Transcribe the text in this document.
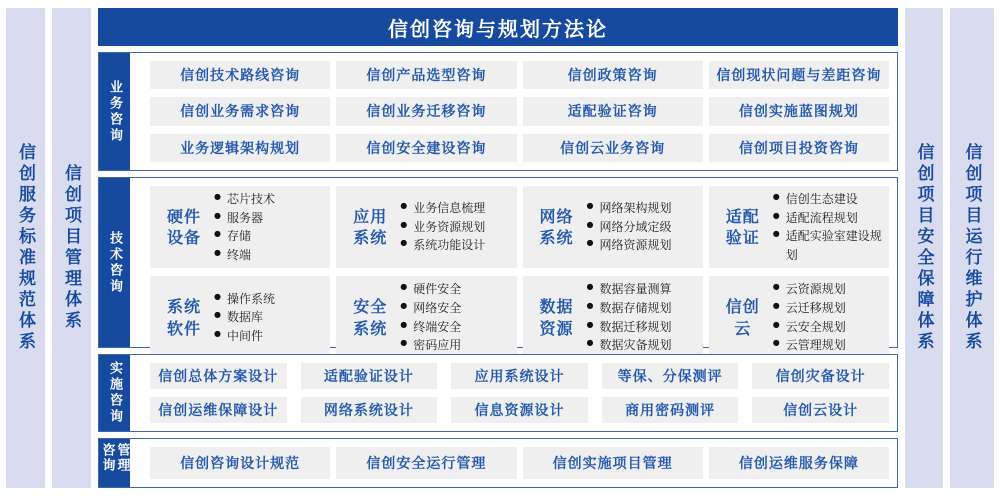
信创服务标准规范体系 信创项目管理体系
信创咨询与规划方法论
业务咨询
信创技术路线咨询	信创产品选型咨询	信创政策咨询	信创现状问题与差距咨询
信创业务需求咨询	信创业务迁移咨询	适配验证咨询	信创实施蓝图规划
业务逻辑架构规划	信创安全建设咨询	信创云业务咨询	信创项目投资咨询
技术咨询
硬件设备
● 芯片技术
● 服务器
● 存储
● 终端
应用系统
● 业务信息梳理
● 业务资源规划
● 系统功能设计
网络系统
● 网络架构规划
● 网络分域定级
● 网络资源规划
适配验证
● 信创生态建设
● 适配流程规划
● 适配实验室建设规划
系统软件
● 操作系统
● 数据库
● 中间件
安全系统
● 硬件安全
● 网络安全
● 终端安全
● 密码应用
数据资源
● 数据容量测算
● 数据存储规划
● 数据迁移规划
● 数据灾备规划
信创云
● 云资源规划
● 云迁移规划
● 云安全规划
● 云管理规划
实施咨询	信创总体方案设计	适配验证设计	应用系统设计	等保、分保测评	信创灾备设计
信创运维保障设计	网络系统设计	信息资源设计	商用密码测评	信创云设计
咨询管理	信创咨询设计规范	信创安全运行管理	信创实施项目管理	信创运维服务保障
信创项目安全保障体系 信创项目运行维护体系
